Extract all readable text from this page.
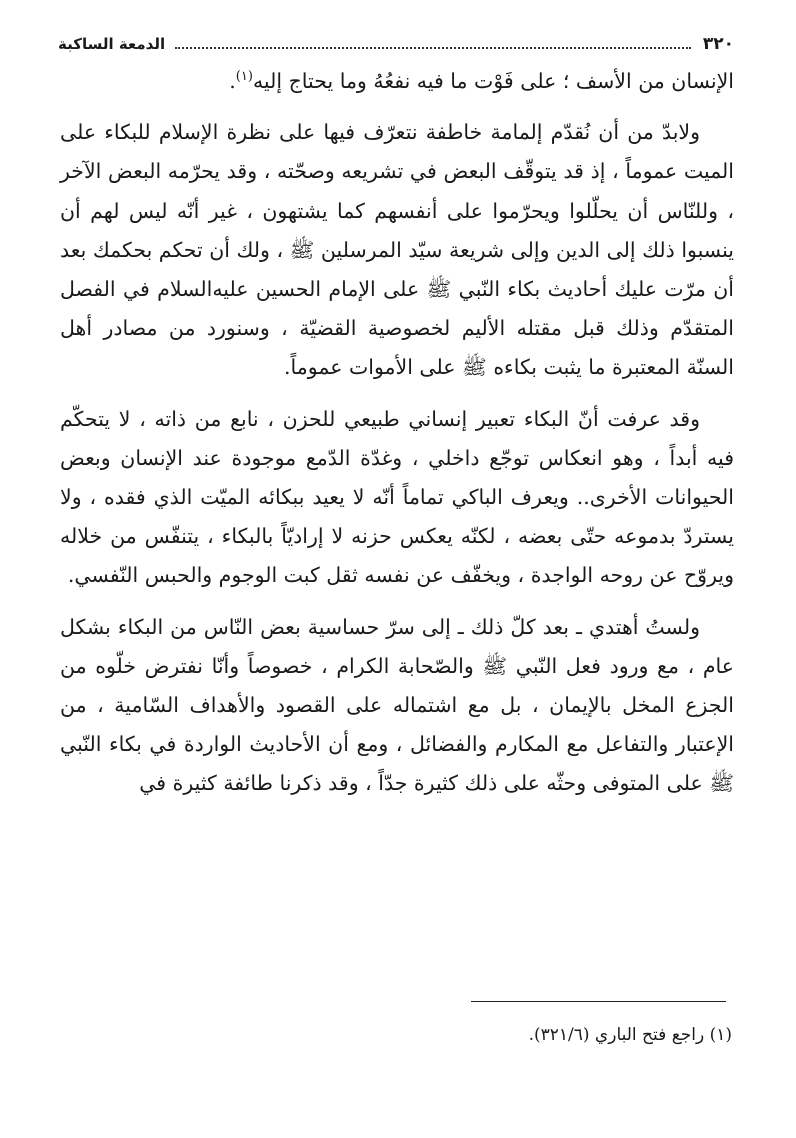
٣٢٠
الدمعة الساكبة

الإنسان من الأسف ؛ على فَوْت ما فيه نفعُهُ وما يحتاج إليه$^{(١)}$.

ولابدّ من أن نُقدّم إلمامة خاطفة نتعرّف فيها على نظرة الإسلام للبكاء على الميت عموماً ، إذ قد يتوقّف البعض في تشريعه وصحّته ، وقد يحرّمه البعض الآخر ، وللنّاس أن يحلّلوا ويحرّموا على أنفسهم كما يشتهون ، غير أنّه ليس لهم أن ينسبوا ذلك إلى الدين وإلى شريعة سيّد المرسلين ﷺ ، ولك أن تحكم بحكمك بعد أن مرّت عليك أحاديث بكاء النّبي ﷺ على الإمام الحسين عليه‌السلام في الفصل المتقدّم وذلك قبل مقتله الأليم لخصوصية القضيّة ، وسنورد من مصادر أهل السنّة المعتبرة ما يثبت بكاءه ﷺ على الأموات عموماً.

وقد عرفت أنّ البكاء تعبير إنساني طبيعي للحزن ، نابع من ذاته ، لا يتحكّم فيه أبداً ، وهو انعكاس توجّع داخلي ، وغدّة الدّمع موجودة عند الإنسان وبعض الحيوانات الأخرى.. ويعرف الباكي تماماً أنّه لا يعيد ببكائه الميّت الذي فقده ، ولا يستردّ بدموعه حتّى بعضه ، لكنّه يعكس حزنه لا إراديّاً بالبكاء ، يتنفّس من خلاله ويروّح عن روحه الواجدة ، ويخفّف عن نفسه ثقل كبت الوجوم والحبس النّفسي.

ولستُ أهتدي ـ بعد كلّ ذلك ـ إلى سرّ حساسية بعض النّاس من البكاء بشكل عام ، مع ورود فعل النّبي ﷺ والصّحابة الكرام ، خصوصاً وأنّا نفترض خلّوه من الجزع المخل بالإيمان ، بل مع اشتماله على القصود والأهداف السّامية ، من الإعتبار والتفاعل مع المكارم والفضائل ، ومع أن الأحاديث الواردة في بكاء النّبي ﷺ على المتوفى وحثّه على ذلك كثيرة جدّاً ، وقد ذكرنا طائفة كثيرة في

(١) راجع فتح الباري (٣٢١/٦).
